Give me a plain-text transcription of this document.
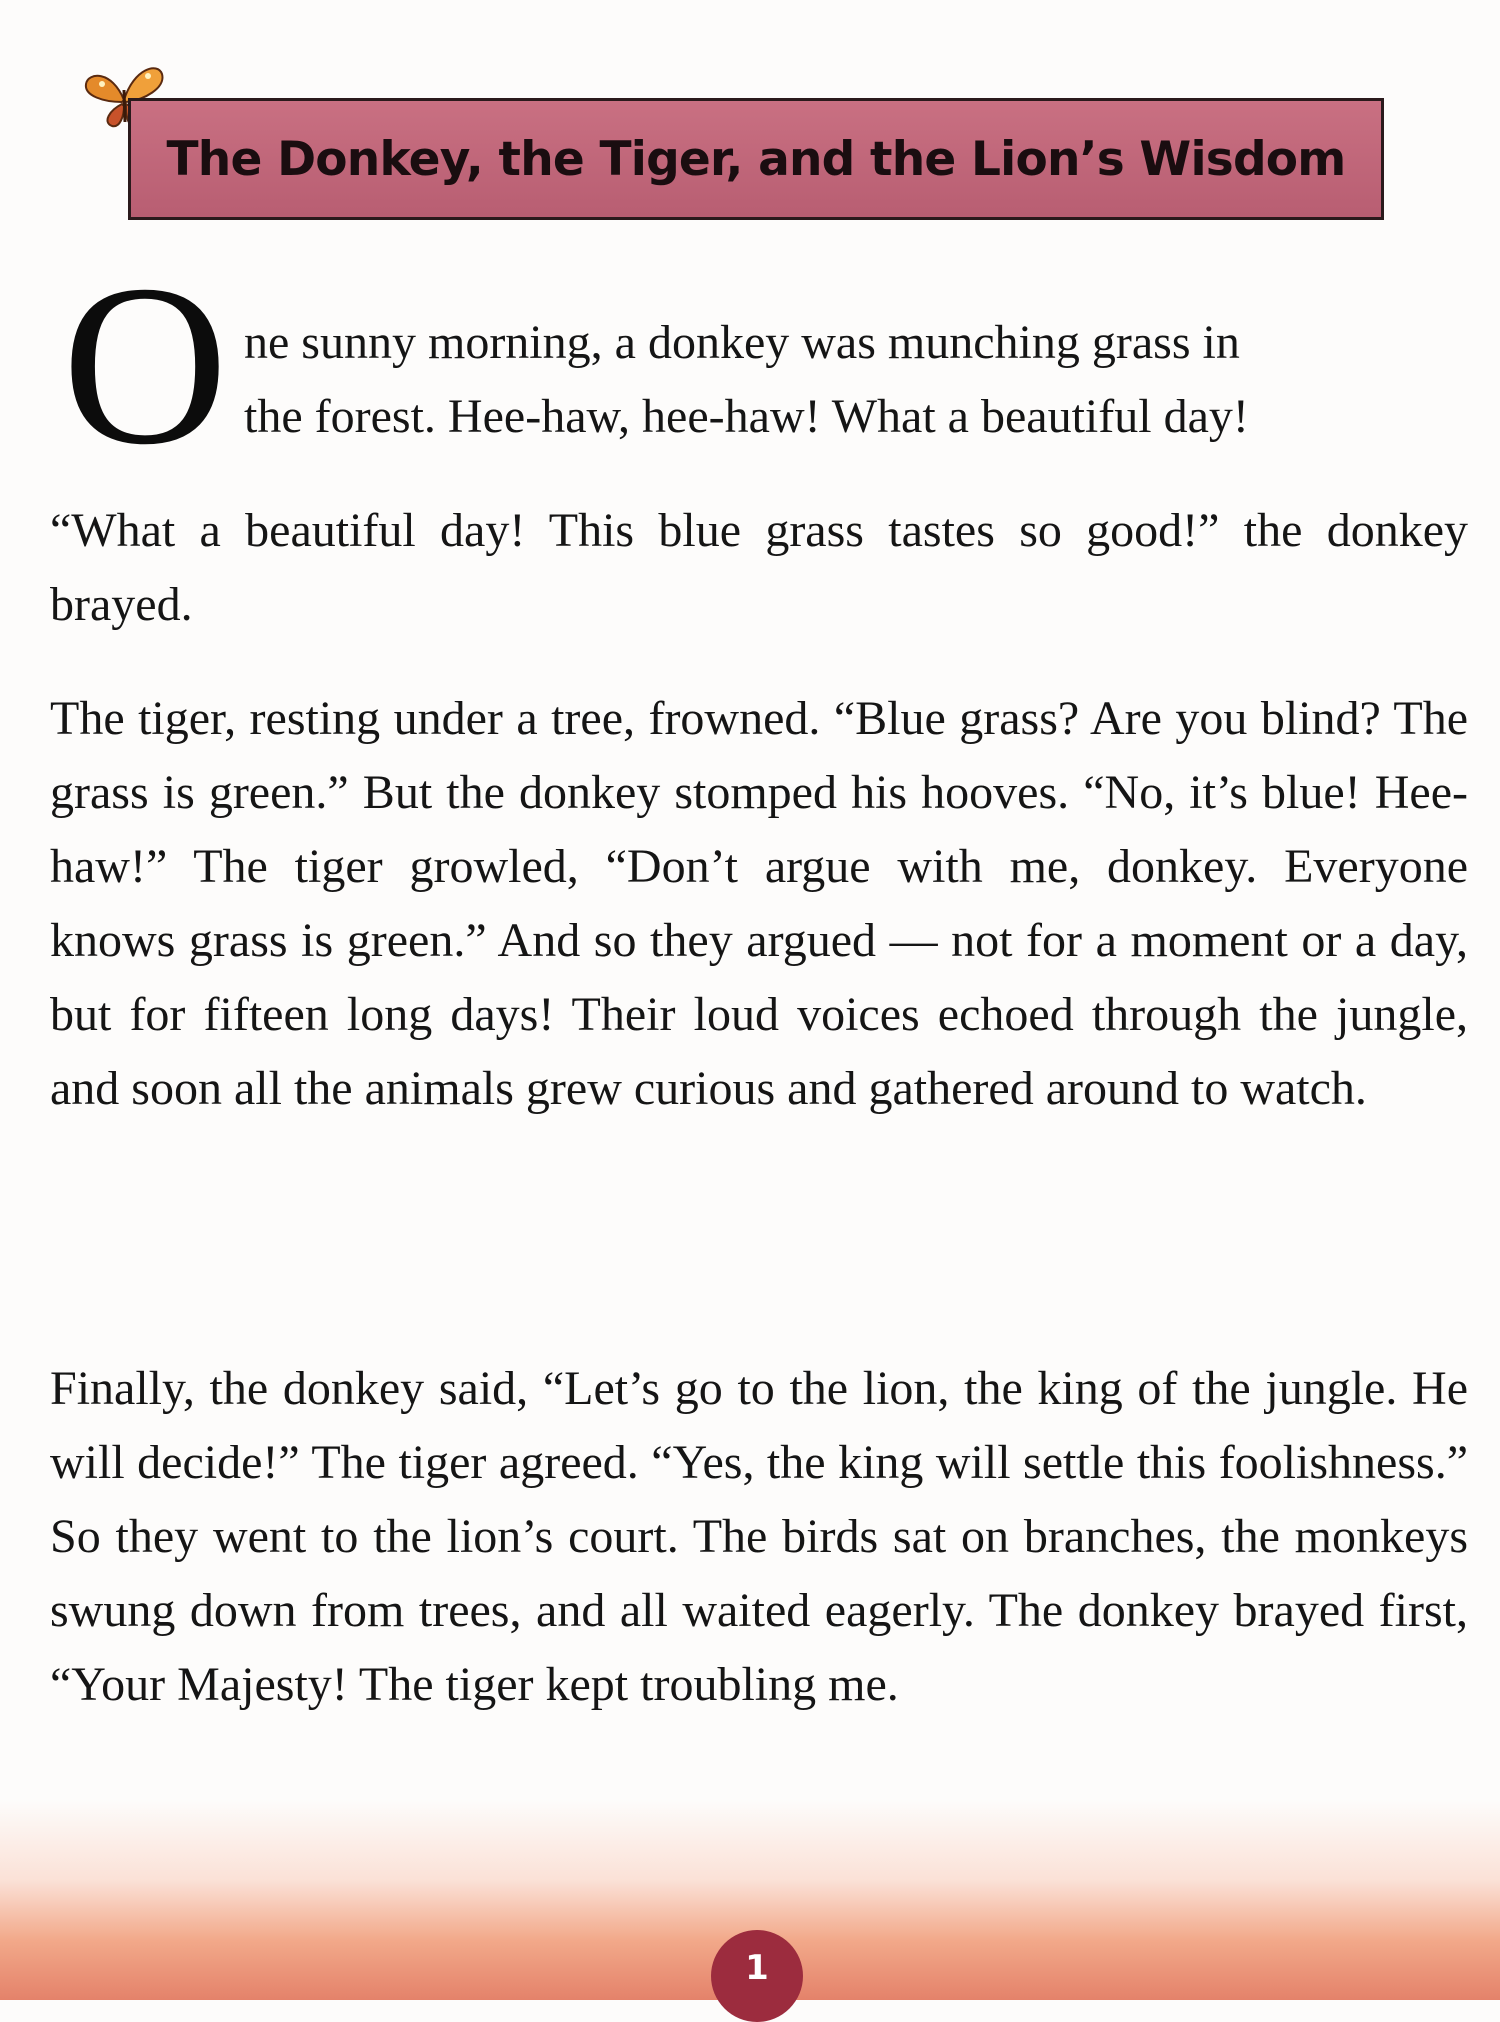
The Donkey, the Tiger, and the Lion’s Wisdom
O ne sunny morning, a donkey was munching grass in
the forest. Hee-haw, hee-haw! What a beautiful day!

“What a beautiful day! This blue grass tastes so good!” the donkey brayed.

The tiger, resting under a tree, frowned. “Blue grass? Are you blind? The grass is green.” But the donkey stomped his hooves. “No, it’s blue! Hee-haw!” The tiger growled, “Don’t argue with me, donkey. Everyone knows grass is green.” And so they argued — not for a moment or a day, but for fifteen long days! Their loud voices echoed through the jungle, and soon all the animals grew curious and gathered around to watch.

Finally, the donkey said, “Let’s go to the lion, the king of the jungle. He will decide!” The tiger agreed. “Yes, the king will settle this foolishness.” So they went to the lion’s court. The birds sat on branches, the monkeys swung down from trees, and all waited eagerly. The donkey brayed first, “Your Majesty! The tiger kept troubling me.

1
